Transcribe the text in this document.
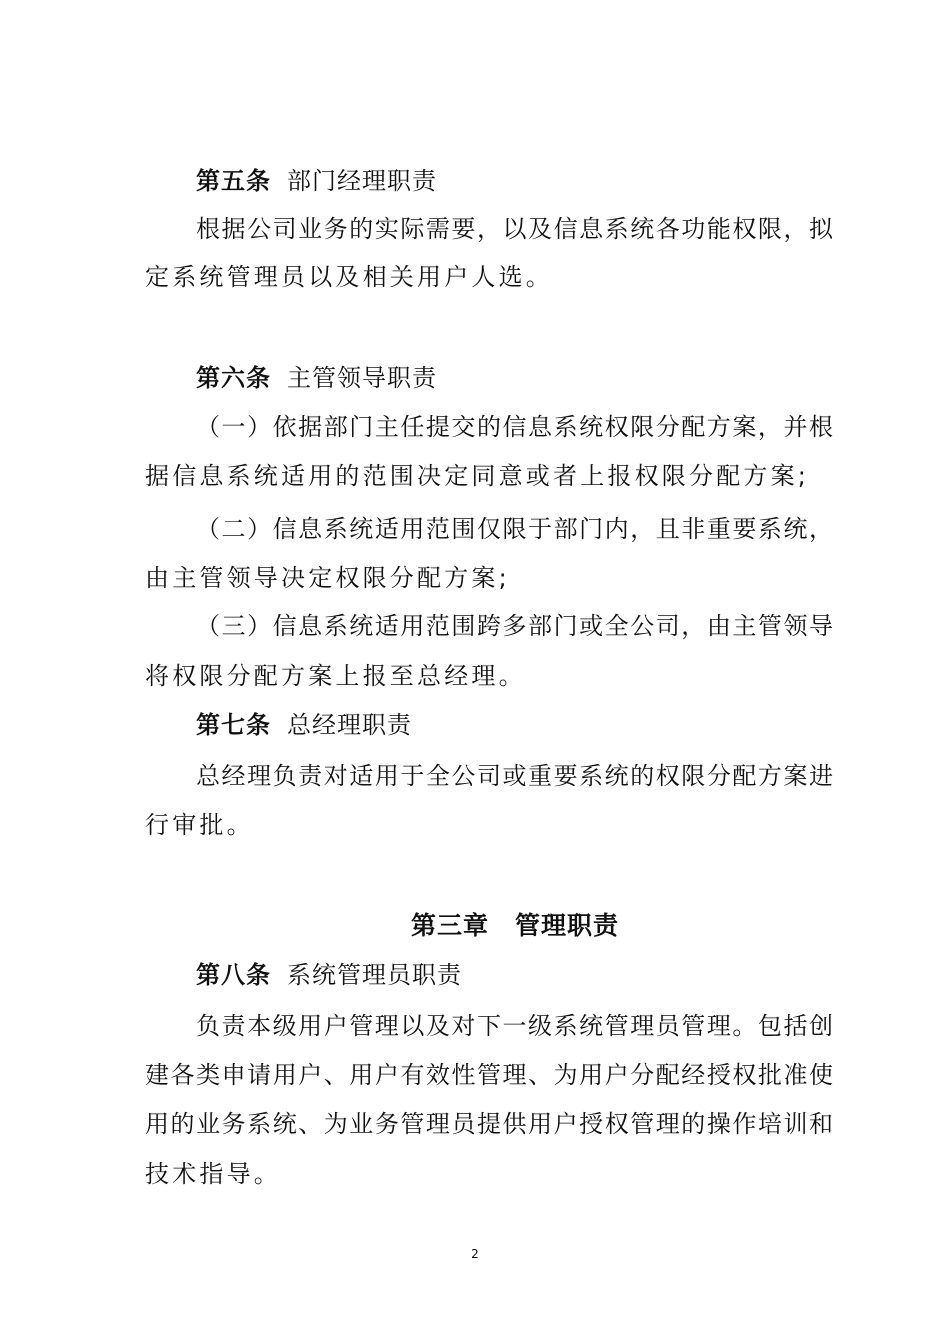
第五条 部门经理职责
根据公司业务的实际需要，以及信息系统各功能权限，拟
定系统管理员以及相关用户人选。
第六条 主管领导职责
（一）依据部门主任提交的信息系统权限分配方案，并根
据信息系统适用的范围决定同意或者上报权限分配方案;
（二）信息系统适用范围仅限于部门内，且非重要系统，
由主管领导决定权限分配方案;
（三）信息系统适用范围跨多部门或全公司，由主管领导
将权限分配方案上报至总经理。
第七条 总经理职责
总经理负责对适用于全公司或重要系统的权限分配方案进
行审批。
第三章　管理职责
第八条 系统管理员职责
负责本级用户管理以及对下一级系统管理员管理。包括创
建各类申请用户、用户有效性管理、为用户分配经授权批准使
用的业务系统、为业务管理员提供用户授权管理的操作培训和
技术指导。
2
